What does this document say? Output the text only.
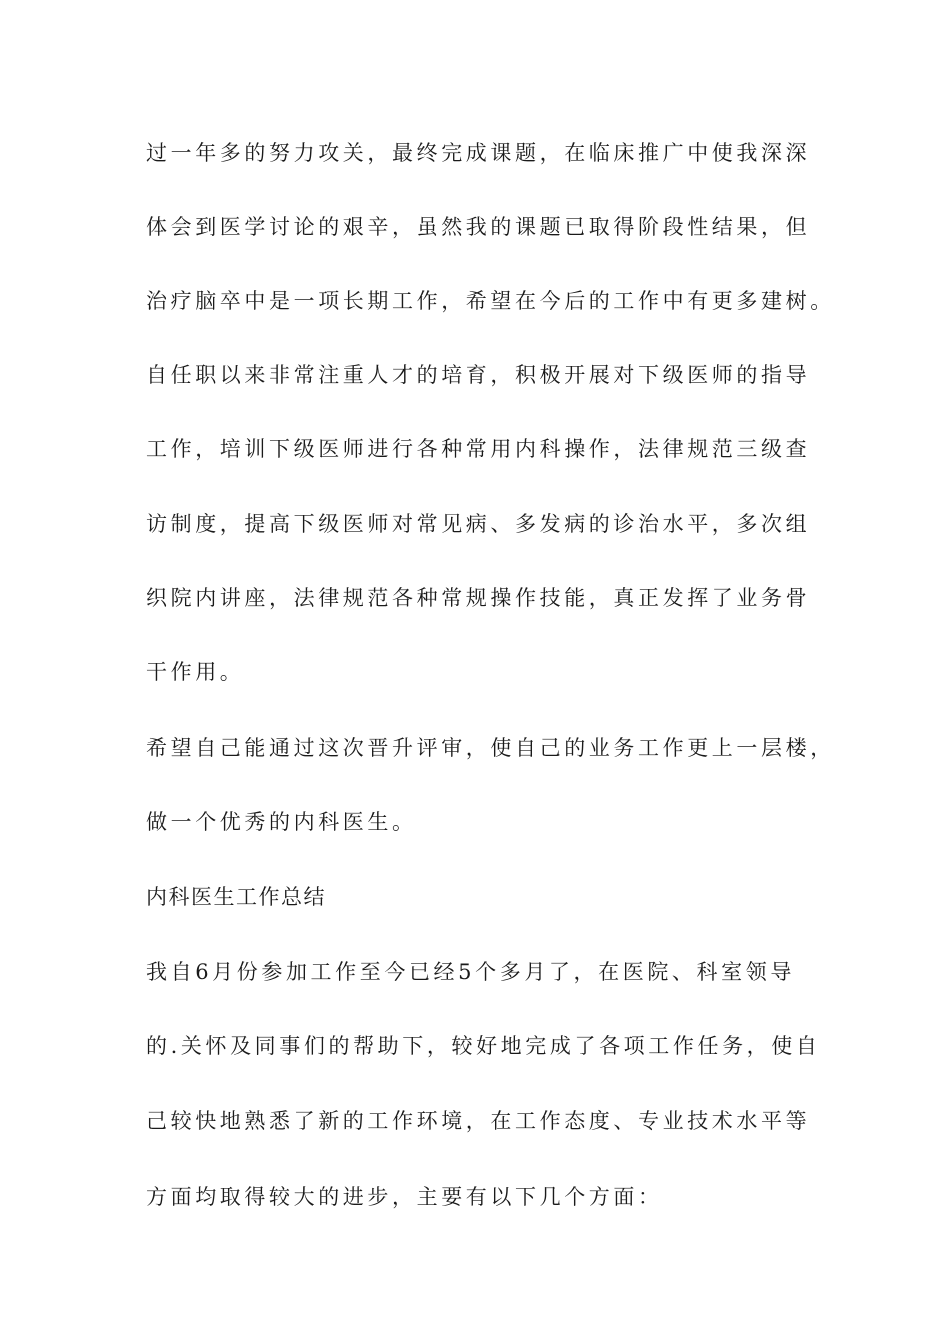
过一年多的努力攻关，最终完成课题，在临床推广中使我深深
体会到医学讨论的艰辛，虽然我的课题已取得阶段性结果，但
治疗脑卒中是一项长期工作，希望在今后的工作中有更多建树。
自任职以来非常注重人才的培育，积极开展对下级医师的指导
工作，培训下级医师进行各种常用内科操作，法律规范三级查
访制度，提高下级医师对常见病、多发病的诊治水平，多次组
织院内讲座，法律规范各种常规操作技能，真正发挥了业务骨
干作用。
希望自己能通过这次晋升评审，使自己的业务工作更上一层楼，
做一个优秀的内科医生。
内科医生工作总结
我自6月份参加工作至今已经5个多月了，在医院、科室领导
的.关怀及同事们的帮助下，较好地完成了各项工作任务，使自
己较快地熟悉了新的工作环境，在工作态度、专业技术水平等
方面均取得较大的进步，主要有以下几个方面：
